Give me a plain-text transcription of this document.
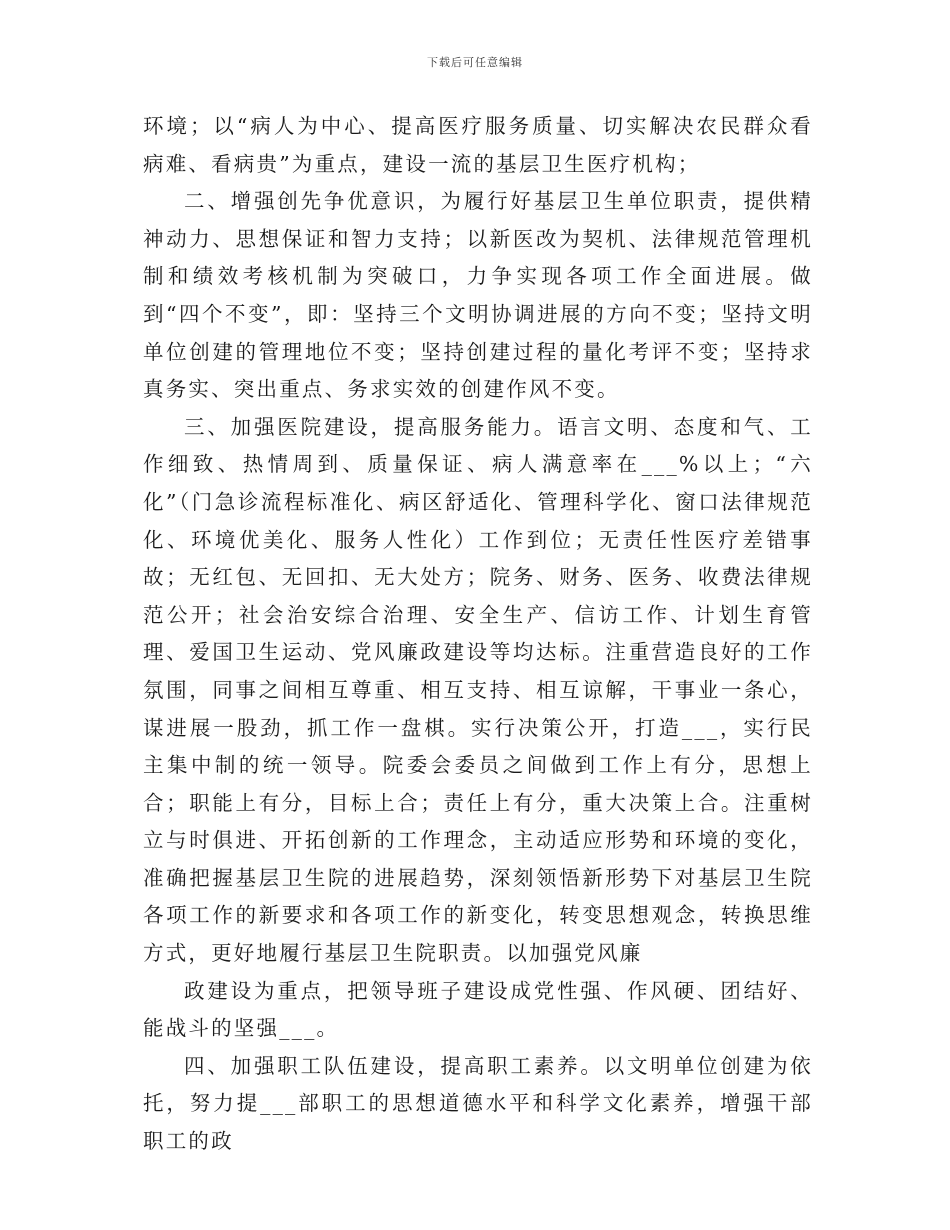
下载后可任意编辑

环境；以“病人为中心、提高医疗服务质量、切实解决农民群众看病难、看病贵”为重点，建设一流的基层卫生医疗机构；

二、增强创先争优意识，为履行好基层卫生单位职责，提供精神动力、思想保证和智力支持；以新医改为契机、法律规范管理机制和绩效考核机制为突破口，力争实现各项工作全面进展。做到“四个不变”，即：坚持三个文明协调进展的方向不变；坚持文明单位创建的管理地位不变；坚持创建过程的量化考评不变；坚持求真务实、突出重点、务求实效的创建作风不变。

三、加强医院建设，提高服务能力。语言文明、态度和气、工作细致、热情周到、质量保证、病人满意率在___%以上；“六化”（门急诊流程标准化、病区舒适化、管理科学化、窗口法律规范化、环境优美化、服务人性化）工作到位；无责任性医疗差错事故；无红包、无回扣、无大处方；院务、财务、医务、收费法律规范公开；社会治安综合治理、安全生产、信访工作、计划生育管理、爱国卫生运动、党风廉政建设等均达标。注重营造良好的工作氛围，同事之间相互尊重、相互支持、相互谅解，干事业一条心，谋进展一股劲，抓工作一盘棋。实行决策公开，打造___，实行民主集中制的统一领导。院委会委员之间做到工作上有分，思想上合；职能上有分，目标上合；责任上有分，重大决策上合。注重树立与时俱进、开拓创新的工作理念，主动适应形势和环境的变化，准确把握基层卫生院的进展趋势，深刻领悟新形势下对基层卫生院各项工作的新要求和各项工作的新变化，转变思想观念，转换思维方式，更好地履行基层卫生院职责。以加强党风廉

政建设为重点，把领导班子建设成党性强、作风硬、团结好、能战斗的坚强___。

四、加强职工队伍建设，提高职工素养。以文明单位创建为依托，努力提___部职工的思想道德水平和科学文化素养，增强干部职工的政
